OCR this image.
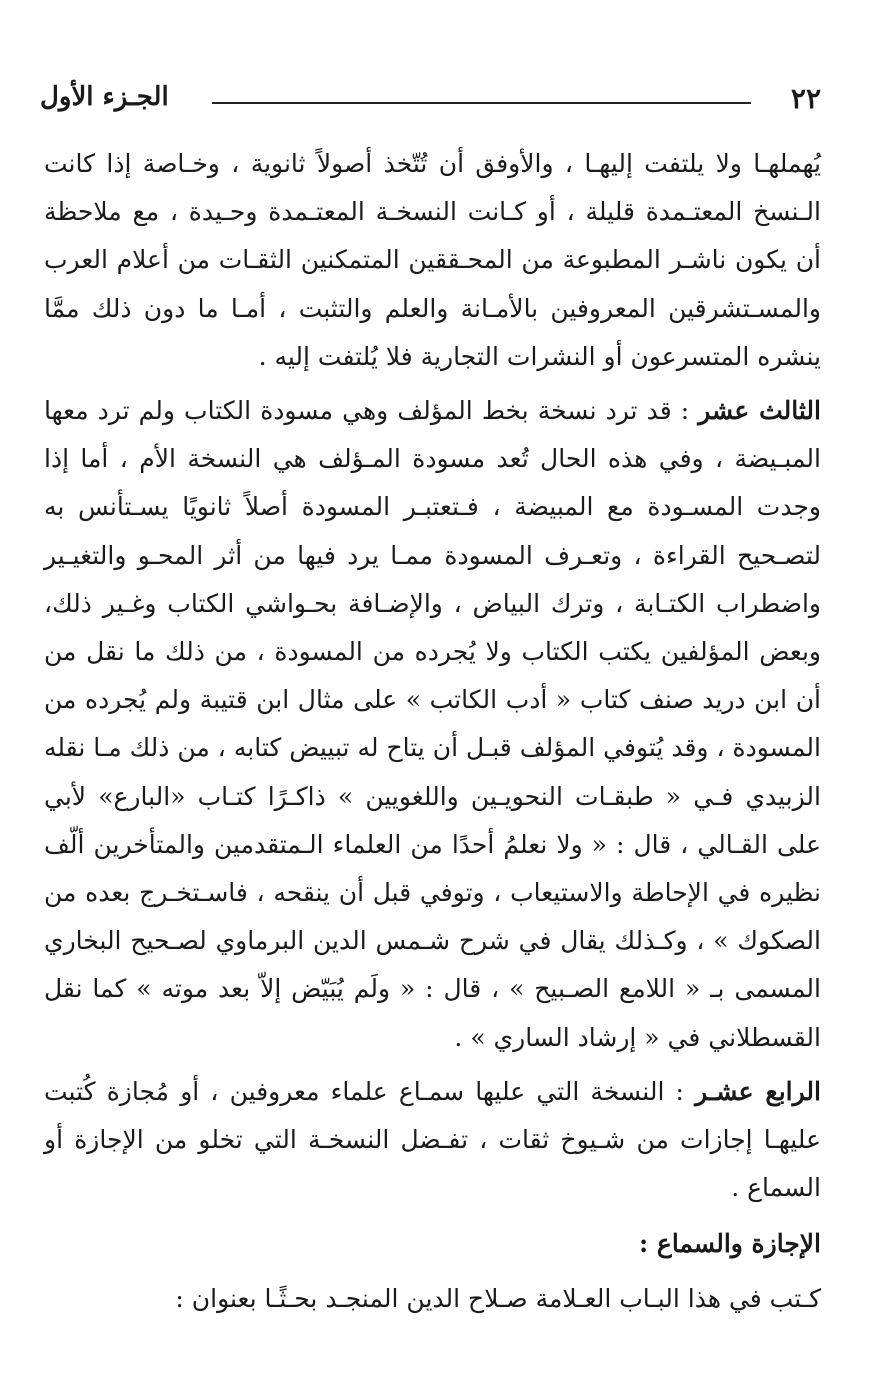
٢٢
الجـزء الأول

يُهملهـا ولا يلتفت إليهـا ، والأوفق أن تُتّخذ أصولاً ثانوية ، وخـاصة إذا كانت الـنسخ المعتـمدة قليلة ، أو كـانت النسخـة المعتـمدة وحـيدة ، مع ملاحظة أن يكون ناشـر المطبوعة من المحـققين المتمكنين الثقـات من أعلام العرب والمسـتشرقين المعروفين بالأمـانة والعلم والتثبت ، أمـا ما دون ذلك ممَّا ينشره المتسرعون أو النشرات التجارية فلا يُلتفت إليه .

الثالث عشر : قد ترد نسخة بخط المؤلف وهي مسودة الكتاب ولم ترد معها المبـيضة ، وفي هذه الحال تُعد مسودة المـؤلف هي النسخة الأم ، أما إذا وجدت المسـودة مع المبيضة ، فـتعتبـر المسودة أصلاً ثانويًا يسـتأنس به لتصـحيح القراءة ، وتعـرف المسودة ممـا يرد فيها من أثر المحـو والتغيـير واضطراب الكتـابة ، وترك البياض ، والإضـافة بحـواشي الكتاب وغـير ذلك، وبعض المؤلفين يكتب الكتاب ولا يُجرده من المسودة ، من ذلك ما نقل من أن ابن دريد صنف كتاب « أدب الكاتب » على مثال ابن قتيبة ولم يُجرده من المسودة ، وقد يُتوفي المؤلف قبـل أن يتاح له تبييض كتابه ، من ذلك مـا نقله الزبيدي فـي « طبقـات النحويـين واللغويين » ذاكـرًا كتـاب «البارع» لأبي على القـالي ، قال : « ولا نعلمُ أحدًا من العلماء الـمتقدمين والمتأخرين ألّف نظيره في الإحاطة والاستيعاب ، وتوفي قبل أن ينقحه ، فاسـتخـرج بعده من الصكوك » ، وكـذلك يقال في شرح شـمس الدين البرماوي لصـحيح البخاري المسمى بـ « اللامع الصـبيح » ، قال : « ولَم يُبَيّض إلاّ بعد موته » كما نقل القسطلاني في « إرشاد الساري » .

الرابع عشـر : النسخة التي عليها سمـاع علماء معروفين ، أو مُجازة كُتبت عليهـا إجازات من شـيوخ ثقات ، تفـضل النسخـة التي تخلو من الإجازة أو السماع .

الإجازة والسماع :

كـتب في هذا البـاب العـلامة صـلاح الدين المنجـد بحـثًـا بعنوان :
